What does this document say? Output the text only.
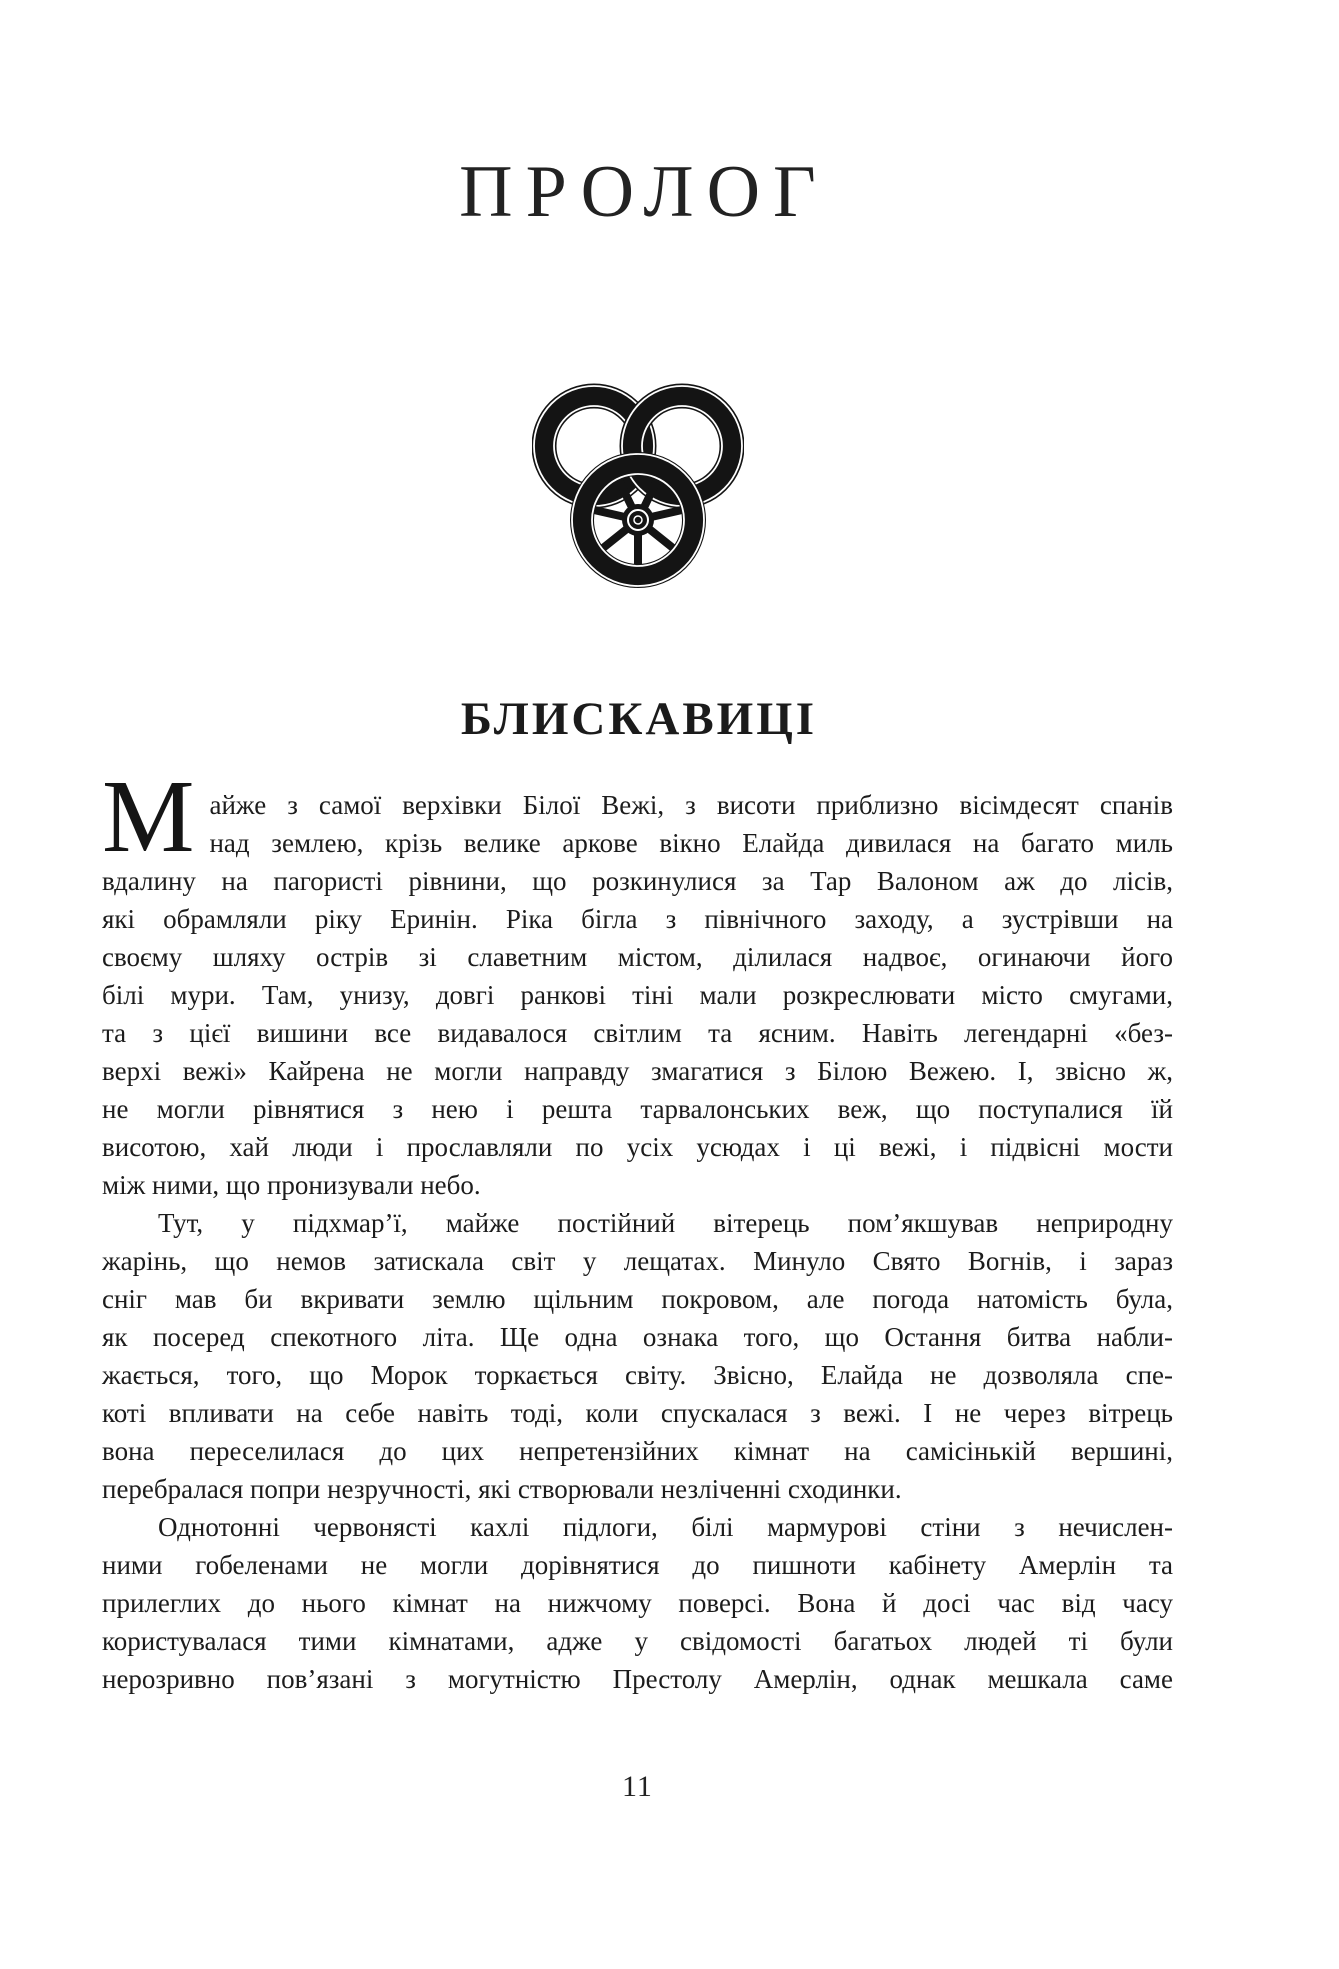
ПРОЛОГ
БЛИСКАВИЦІ
М айже з самої верхівки Білої Вежі, з висоти приблизно вісімдесят спанів
над землею, крізь велике аркове вікно Елайда дивилася на багато миль
вдалину на пагористі рівнини, що розкинулися за Тар Валоном аж до лісів,
які обрамляли ріку Еринін. Ріка бігла з північного заходу, а зустрівши на
своєму шляху острів зі славетним містом, ділилася надвоє, огинаючи його
білі мури. Там, унизу, довгі ранкові тіні мали розкреслювати місто смугами,
та з цієї вишини все видавалося світлим та ясним. Навіть легендарні «без-
верхі вежі» Кайрена не могли направду змагатися з Білою Вежею. І, звісно ж,
не могли рівнятися з нею і решта тарвалонських веж, що поступалися їй
висотою, хай люди і прославляли по усіх усюдах і ці вежі, і підвісні мости
між ними, що пронизували небо.
Тут, у підхмар’ї, майже постійний вітерець пом’якшував неприродну
жарінь, що немов затискала світ у лещатах. Минуло Свято Вогнів, і зараз
сніг мав би вкривати землю щільним покровом, але погода натомість була,
як посеред спекотного літа. Ще одна ознака того, що Остання битва набли-
жається, того, що Морок торкається світу. Звісно, Елайда не дозволяла спе-
коті впливати на себе навіть тоді, коли спускалася з вежі. І не через вітрець
вона переселилася до цих непретензійних кімнат на самісінькій вершині,
перебралася попри незручності, які створювали незліченні сходинки.
Однотонні червонясті кахлі підлоги, білі мармурові стіни з нечислен-
ними гобеленами не могли дорівнятися до пишноти кабінету Амерлін та
прилеглих до нього кімнат на нижчому поверсі. Вона й досі час від часу
користувалася тими кімнатами, адже у свідомості багатьох людей ті були
нерозривно пов’язані з могутністю Престолу Амерлін, однак мешкала саме
11
